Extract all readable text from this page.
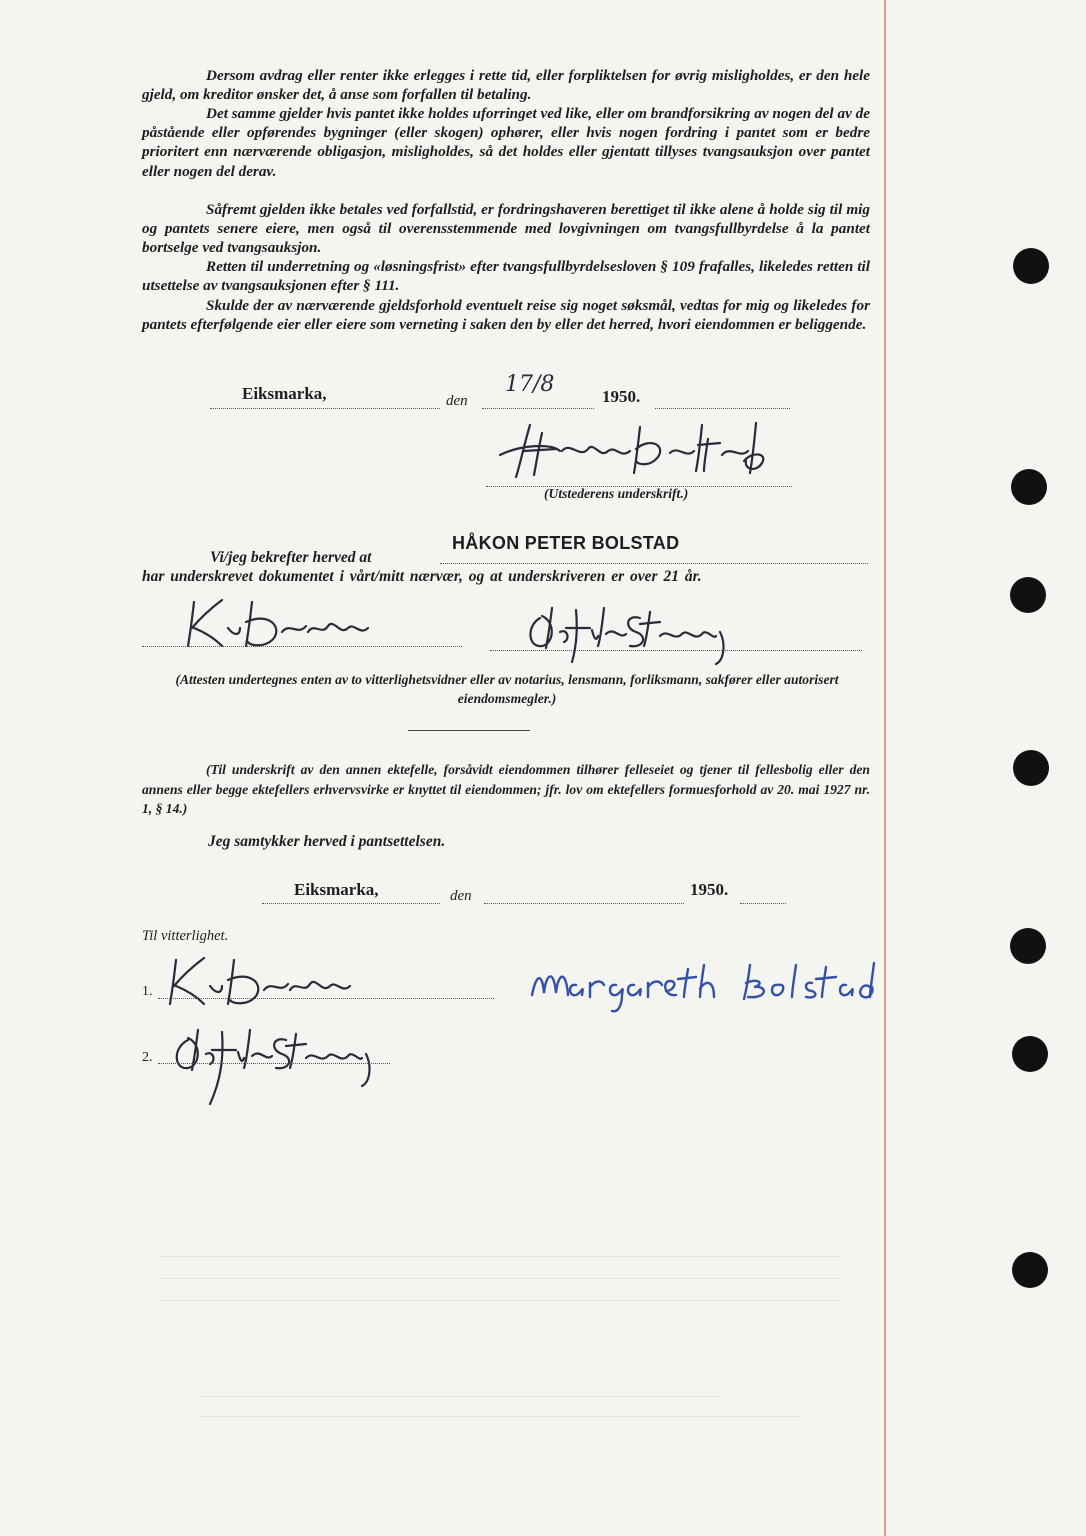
Dersom avdrag eller renter ikke erlegges i rette tid, eller forpliktelsen for øvrig misligholdes, er den hele gjeld, om kreditor ønsker det, å anse som forfallen til betaling.
Det samme gjelder hvis pantet ikke holdes uforringet ved like, eller om brandforsikring av nogen del av de påstående eller opførendes bygninger (eller skogen) ophører, eller hvis nogen fordring i pantet som er bedre prioritert enn nærværende obligasjon, misligholdes, så det holdes eller gjentatt tillyses tvangsauksjon over pantet eller nogen del derav.
Såfremt gjelden ikke betales ved forfallstid, er fordringshaveren berettiget til ikke alene å holde sig til mig og pantets senere eiere, men også til overensstemmende med lovgivningen om tvangsfullbyrdelse å la pantet bortselge ved tvangsauksjon.
Retten til underretning og «løsningsfrist» efter tvangsfullbyrdelsesloven § 109 frafalles, likeledes retten til utsettelse av tvangsauksjonen efter § 111.
Skulde der av nærværende gjeldsforhold eventuelt reise sig noget søksmål, vedtas for mig og likeledes for pantets efterfølgende eier eller eiere som verneting i saken den by eller det herred, hvori eiendommen er beliggende.
Eiksmarka,	den
17/8	1950.
(Utstederens underskrift.)
Vi/jeg bekrefter herved at
HÅKON PETER BOLSTAD
har underskrevet dokumentet i vårt/mitt nærvær, og at underskriveren er over 21 år.
(Attesten undertegnes enten av to vitterlighetsvidner eller av notarius, lensmann, forliksmann, sakfører eller autorisert eiendomsmegler.)
(Til underskrift av den annen ektefelle, forsåvidt eiendommen tilhører felleseiet og tjener til fellesbolig eller den annens eller begge ektefellers erhvervsvirke er knyttet til eiendommen; jfr. lov om ektefellers formuesforhold av 20. mai 1927 nr. 1, § 14.)
Jeg samtykker herved i pantsettelsen.
Eiksmarka,	den	1950.
Til vitterlighet.
1.
2.
